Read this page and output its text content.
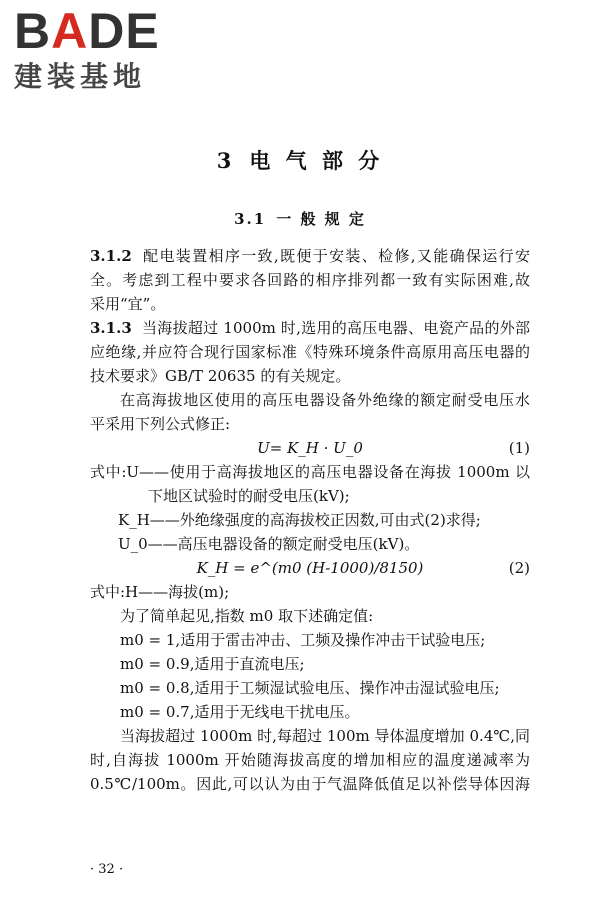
BADE
建装基地
3 电 气 部 分
3.1 一 般 规 定
3.1.2 配电装置相序一致,既便于安装、检修,又能确保运行安
全。考虑到工程中要求各回路的相序排列都一致有实际困难,故
采用“宜”。
3.1.3 当海拔超过 1000m 时,选用的高压电器、电瓷产品的外部
应绝缘,并应符合现行国家标准《特殊环境条件高原用高压电器的
技术要求》GB/T 20635 的有关规定。
在高海拔地区使用的高压电器设备外绝缘的额定耐受电压水
平采用下列公式修正:
U= K_H · U_0	(1)
式中:U——使用于高海拔地区的高压电器设备在海拔 1000m 以
下地区试验时的耐受电压(kV);
K_H——外绝缘强度的高海拔校正因数,可由式(2)求得;
U_0——高压电器设备的额定耐受电压(kV)。
K_H = e^(m0 (H-1000)/8150)	(2)
式中:H——海拔(m);
为了简单起见,指数 m0 取下述确定值:
m0 = 1,适用于雷击冲击、工频及操作冲击干试验电压;
m0 = 0.9,适用于直流电压;
m0 = 0.8,适用于工频湿试验电压、操作冲击湿试验电压;
m0 = 0.7,适用于无线电干扰电压。
当海拔超过 1000m 时,每超过 100m 导体温度增加 0.4℃,同
时,自海拔 1000m 开始随海拔高度的增加相应的温度递减率为
0.5℃/100m。因此,可以认为由于气温降低值足以补偿导体因海
· 32 ·
